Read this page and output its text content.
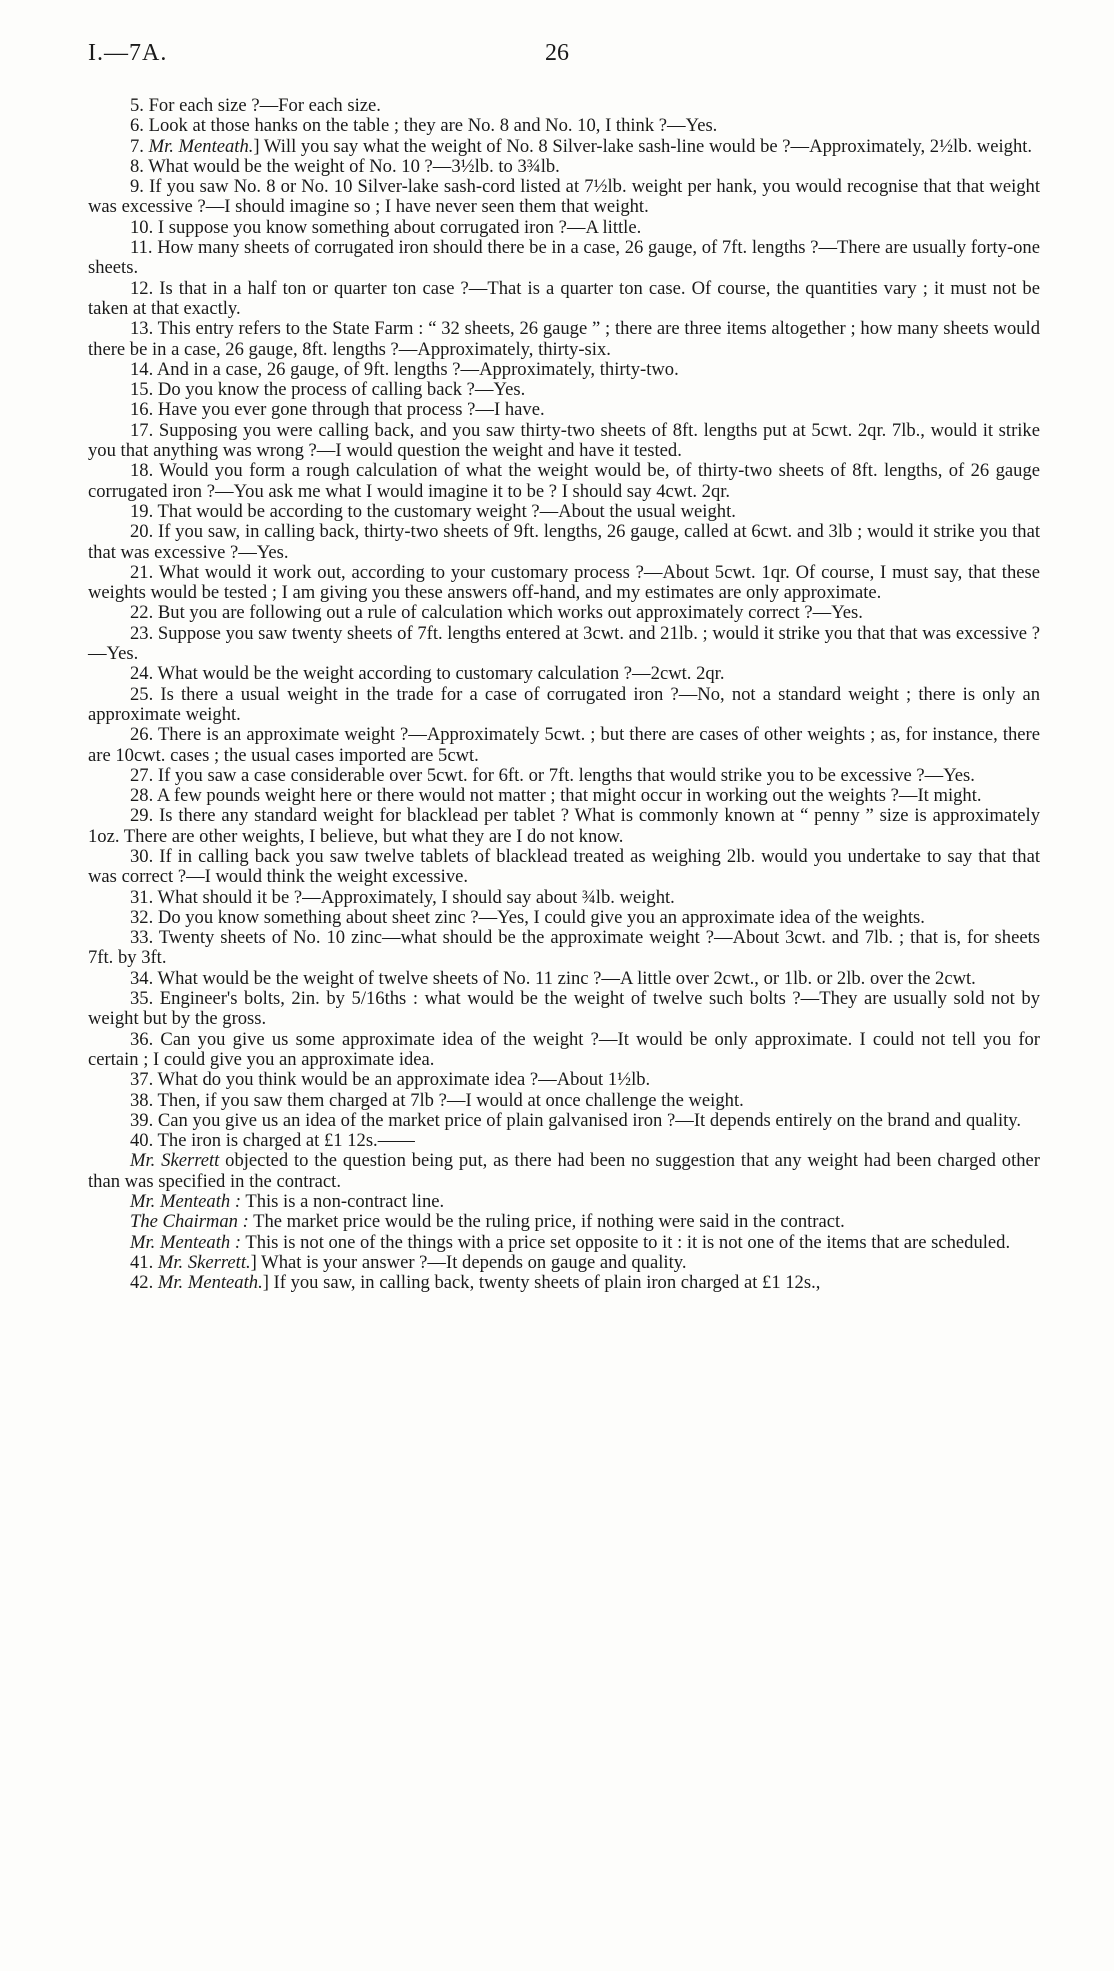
I.—7A.	26

5. For each size ?—For each size.

6. Look at those hanks on the table ; they are No. 8 and No. 10, I think ?—Yes.

7. Mr. Menteath.] Will you say what the weight of No. 8 Silver-lake sash-line would be ?—Approximately, 2½lb. weight.

8. What would be the weight of No. 10 ?—3½lb. to 3¾lb.

9. If you saw No. 8 or No. 10 Silver-lake sash-cord listed at 7½lb. weight per hank, you would recognise that that weight was excessive ?—I should imagine so ; I have never seen them that weight.

10. I suppose you know something about corrugated iron ?—A little.

11. How many sheets of corrugated iron should there be in a case, 26 gauge, of 7ft. lengths ?—There are usually forty-one sheets.

12. Is that in a half ton or quarter ton case ?—That is a quarter ton case. Of course, the quantities vary ; it must not be taken at that exactly.

13. This entry refers to the State Farm : “ 32 sheets, 26 gauge ” ; there are three items altogether ; how many sheets would there be in a case, 26 gauge, 8ft. lengths ?—Approximately, thirty-six.

14. And in a case, 26 gauge, of 9ft. lengths ?—Approximately, thirty-two.

15. Do you know the process of calling back ?—Yes.

16. Have you ever gone through that process ?—I have.

17. Supposing you were calling back, and you saw thirty-two sheets of 8ft. lengths put at 5cwt. 2qr. 7lb., would it strike you that anything was wrong ?—I would question the weight and have it tested.

18. Would you form a rough calculation of what the weight would be, of thirty-two sheets of 8ft. lengths, of 26 gauge corrugated iron ?—You ask me what I would imagine it to be ? I should say 4cwt. 2qr.

19. That would be according to the customary weight ?—About the usual weight.

20. If you saw, in calling back, thirty-two sheets of 9ft. lengths, 26 gauge, called at 6cwt. and 3lb ; would it strike you that that was excessive ?—Yes.

21. What would it work out, according to your customary process ?—About 5cwt. 1qr. Of course, I must say, that these weights would be tested ; I am giving you these answers off-hand, and my estimates are only approximate.

22. But you are following out a rule of calculation which works out approximately correct ?—Yes.

23. Suppose you saw twenty sheets of 7ft. lengths entered at 3cwt. and 21lb. ; would it strike you that that was excessive ?—Yes.

24. What would be the weight according to customary calculation ?—2cwt. 2qr.

25. Is there a usual weight in the trade for a case of corrugated iron ?—No, not a standard weight ; there is only an approximate weight.

26. There is an approximate weight ?—Approximately 5cwt. ; but there are cases of other weights ; as, for instance, there are 10cwt. cases ; the usual cases imported are 5cwt.

27. If you saw a case considerable over 5cwt. for 6ft. or 7ft. lengths that would strike you to be excessive ?—Yes.

28. A few pounds weight here or there would not matter ; that might occur in working out the weights ?—It might.

29. Is there any standard weight for blacklead per tablet ? What is commonly known at “ penny ” size is approximately 1oz. There are other weights, I believe, but what they are I do not know.

30. If in calling back you saw twelve tablets of blacklead treated as weighing 2lb. would you undertake to say that that was correct ?—I would think the weight excessive.

31. What should it be ?—Approximately, I should say about ¾lb. weight.

32. Do you know something about sheet zinc ?—Yes, I could give you an approximate idea of the weights.

33. Twenty sheets of No. 10 zinc—what should be the approximate weight ?—About 3cwt. and 7lb. ; that is, for sheets 7ft. by 3ft.

34. What would be the weight of twelve sheets of No. 11 zinc ?—A little over 2cwt., or 1lb. or 2lb. over the 2cwt.

35. Engineer's bolts, 2in. by 5/16ths : what would be the weight of twelve such bolts ?—They are usually sold not by weight but by the gross.

36. Can you give us some approximate idea of the weight ?—It would be only approximate. I could not tell you for certain ; I could give you an approximate idea.

37. What do you think would be an approximate idea ?—About 1½lb.

38. Then, if you saw them charged at 7lb ?—I would at once challenge the weight.

39. Can you give us an idea of the market price of plain galvanised iron ?—It depends entirely on the brand and quality.

40. The iron is charged at £1 12s.——

Mr. Skerrett objected to the question being put, as there had been no suggestion that any weight had been charged other than was specified in the contract.

Mr. Menteath : This is a non-contract line.

The Chairman : The market price would be the ruling price, if nothing were said in the contract.

Mr. Menteath : This is not one of the things with a price set opposite to it : it is not one of the items that are scheduled.

41. Mr. Skerrett.] What is your answer ?—It depends on gauge and quality.

42. Mr. Menteath.] If you saw, in calling back, twenty sheets of plain iron charged at £1 12s.,
